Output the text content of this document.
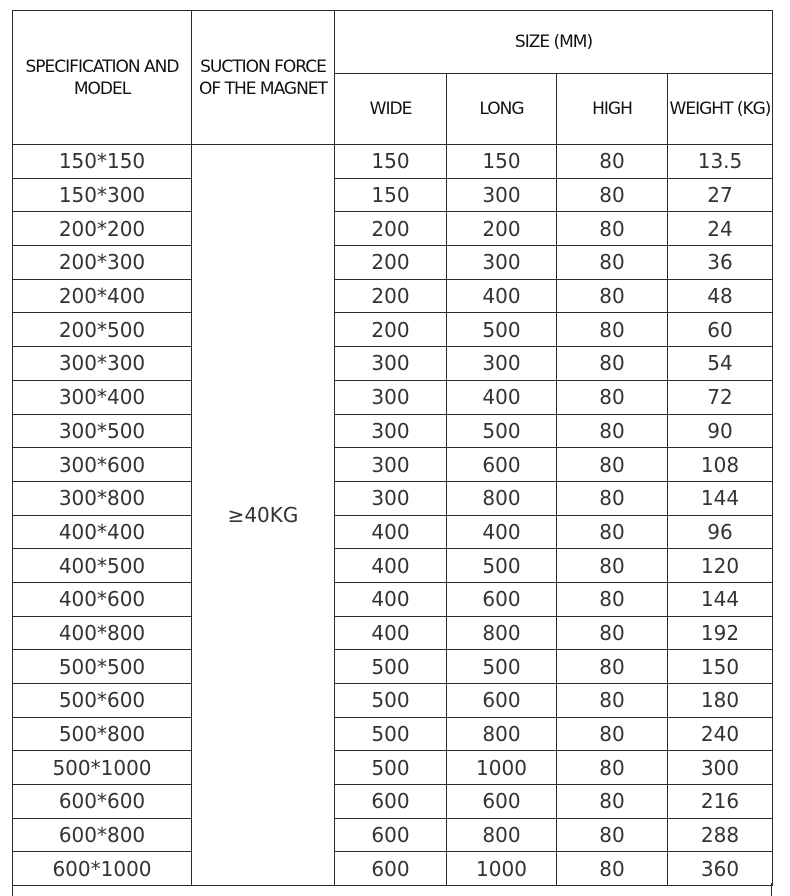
SPECIFICATION AND MODEL	SUCTION FORCE OF THE MAGNET	SIZE (MM)			
		WIDE	LONG	HIGH	WEIGHT (KG)
150*150	≥40KG	150	150	80	13.5
150*300		150	300	80	27
200*200		200	200	80	24
200*300		200	300	80	36
200*400		200	400	80	48
200*500		200	500	80	60
300*300		300	300	80	54
300*400		300	400	80	72
300*500		300	500	80	90
300*600		300	600	80	108
300*800		300	800	80	144
400*400		400	400	80	96
400*500		400	500	80	120
400*600		400	600	80	144
400*800		400	800	80	192
500*500		500	500	80	150
500*600		500	600	80	180
500*800		500	800	80	240
500*1000		500	1000	80	300
600*600		600	600	80	216
600*800		600	800	80	288
600*1000		600	1000	80	360
